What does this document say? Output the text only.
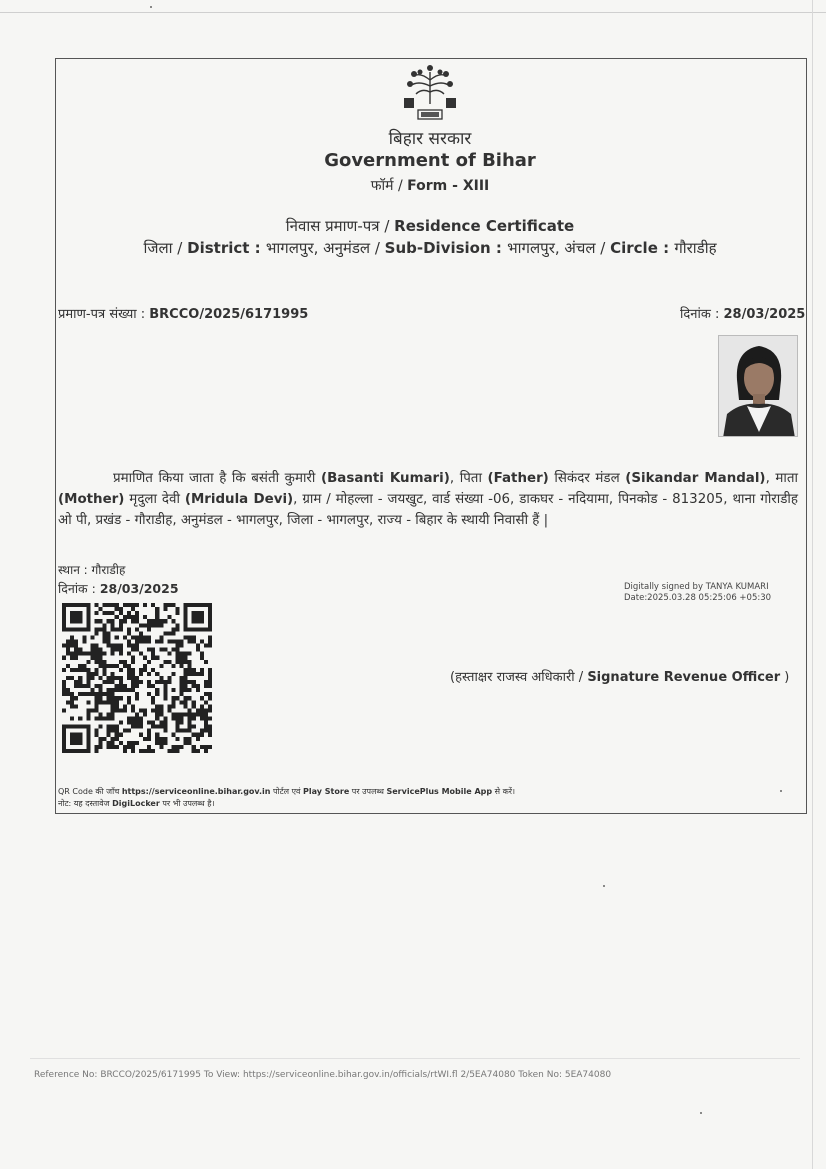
बिहार सरकार
Government of Bihar
फॉर्म / Form - XIII
निवास प्रमाण-पत्र / Residence Certificate
जिला / District : भागलपुर, अनुमंडल / Sub-Division : भागलपुर, अंचल / Circle : गौराडीह
प्रमाण-पत्र संख्या : BRCCO/2025/6171995	दिनांक : 28/03/2025
प्रमाणित किया जाता है कि बसंती कुमारी (Basanti Kumari), पिता (Father) सिकंदर मंडल (Sikandar Mandal), माता (Mother) मृदुला देवी (Mridula Devi), ग्राम / मोहल्ला - जयखुट, वार्ड संख्या -06, डाकघर - नदियामा, पिनकोड - 813205, थाना गोराडीह ओ पी, प्रखंड - गौराडीह, अनुमंडल - भागलपुर, जिला - भागलपुर, राज्य - बिहार के स्थायी निवासी हैं |
स्थान : गौराडीह
दिनांक : 28/03/2025	Digitally signed by TANYA KUMARI
Date:2025.03.28 05:25:06 +05:30
(हस्ताक्षर राजस्व अधिकारी / Signature Revenue Officer )
QR Code की जाँच https://serviceonline.bihar.gov.in पोर्टल एवं Play Store पर उपलब्ध ServicePlus Mobile App से करें।
नोट: यह दस्तावेज DigiLocker पर भी उपलब्ध है।
Reference No: BRCCO/2025/6171995 To View: https://serviceonline.bihar.gov.in/officials/rtWI.fl 2/5EA74080 Token No: 5EA74080
